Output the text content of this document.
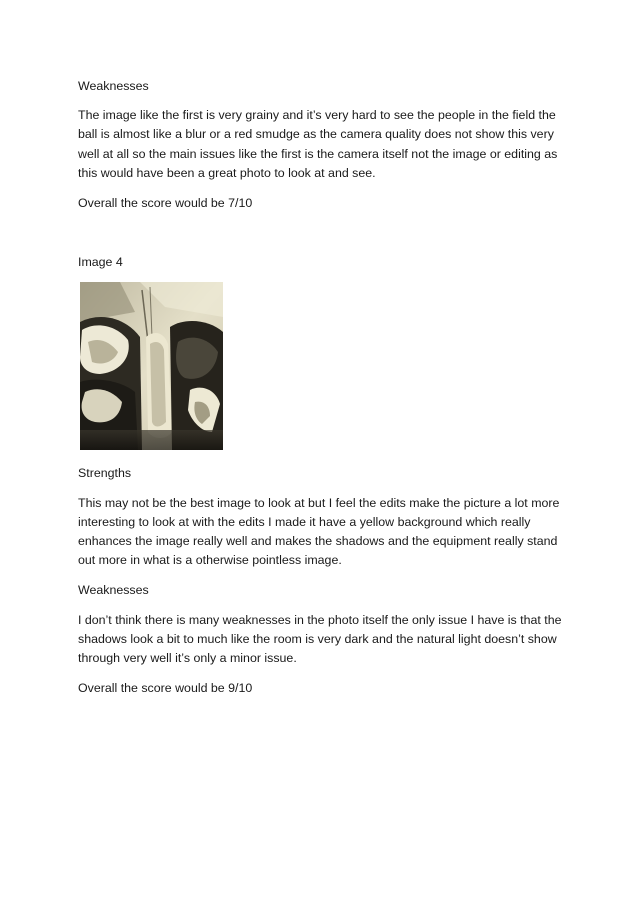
Weaknesses

The image like the first is very grainy and it’s very hard to see the people in the field the ball is almost like a blur or a red smudge as the camera quality does not show this very well at all so the main issues like the first is the camera itself not the image or editing as this would have been a great photo to look at and see.

Overall the score would be 7/10

Image 4

Strengths

This may not be the best image to look at but I feel the edits make the picture a lot more interesting to look at with the edits I made it have a yellow background which really enhances the image really well and makes the shadows and the equipment really stand out more in what is a otherwise pointless image.

Weaknesses

I don’t think there is many weaknesses in the photo itself the only issue I have is that the shadows look a bit to much like the room is very dark and the natural light doesn’t show through very well it’s only a minor issue.

Overall the score would be 9/10
